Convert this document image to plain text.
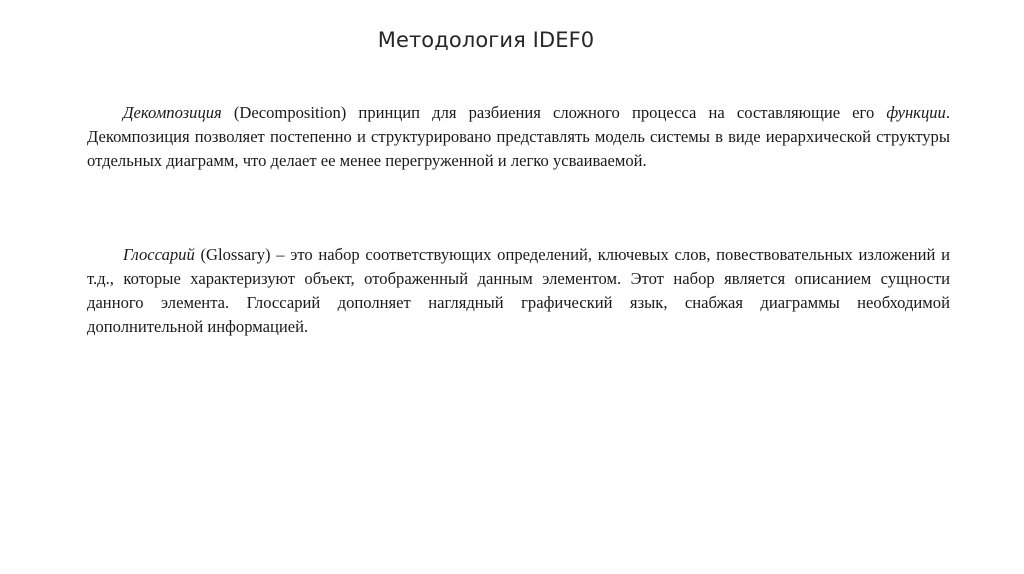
Методология IDEF0

Декомпозиция (Decomposition) принцип для разбиения сложного процесса на составляющие его функции. Декомпозиция позволяет постепенно и структурировано представлять модель системы в виде иерархической структуры отдельных диаграмм, что делает ее менее перегруженной и легко усваиваемой.

Глоссарий (Glossary) – это набор соответствующих определений, ключевых слов, повествовательных изложений и т.д., которые характеризуют объект, отображенный данным элементом. Этот набор является описанием сущности данного элемента. Глоссарий дополняет наглядный графический язык, снабжая диаграммы необходимой дополнительной информацией.
